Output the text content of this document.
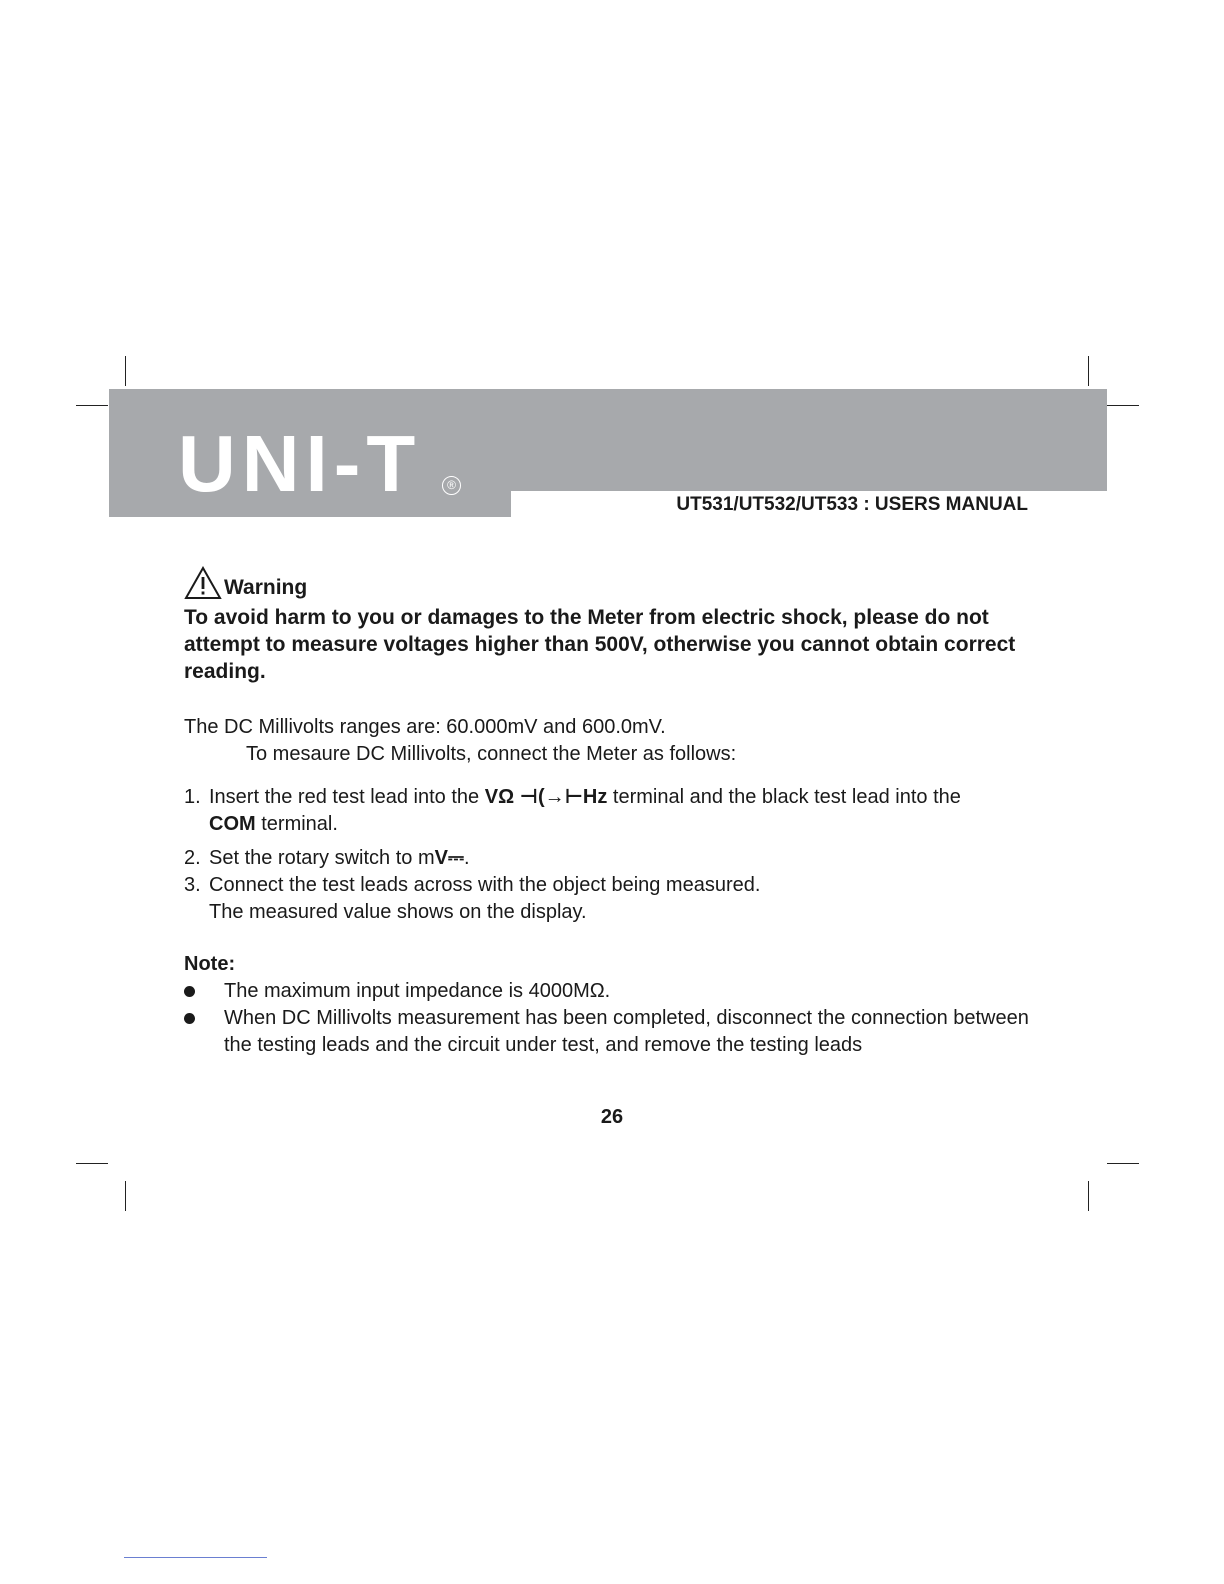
UNI-T	®
UT531/UT532/UT533 : USERS MANUAL
Warning

To avoid harm to you or damages to the Meter from electric shock, please do not attempt to measure voltages higher than 500V, otherwise you cannot obtain correct reading.

The DC Millivolts ranges are: 60.000mV and 600.0mV.

To mesaure DC Millivolts, connect the Meter as follows:

1. Insert the red test lead into the VΩ ⊣(→⊢Hz terminal and the black test lead into the
COM terminal.
2. Set the rotary switch to mV⎓.
3. Connect the test leads across with the object being measured.
The measured value shows on the display.
Note:
The maximum input impedance is 4000MΩ.
When DC Millivolts measurement has been completed, disconnect the connection between the testing leads and the circuit under test, and remove the testing leads
26
